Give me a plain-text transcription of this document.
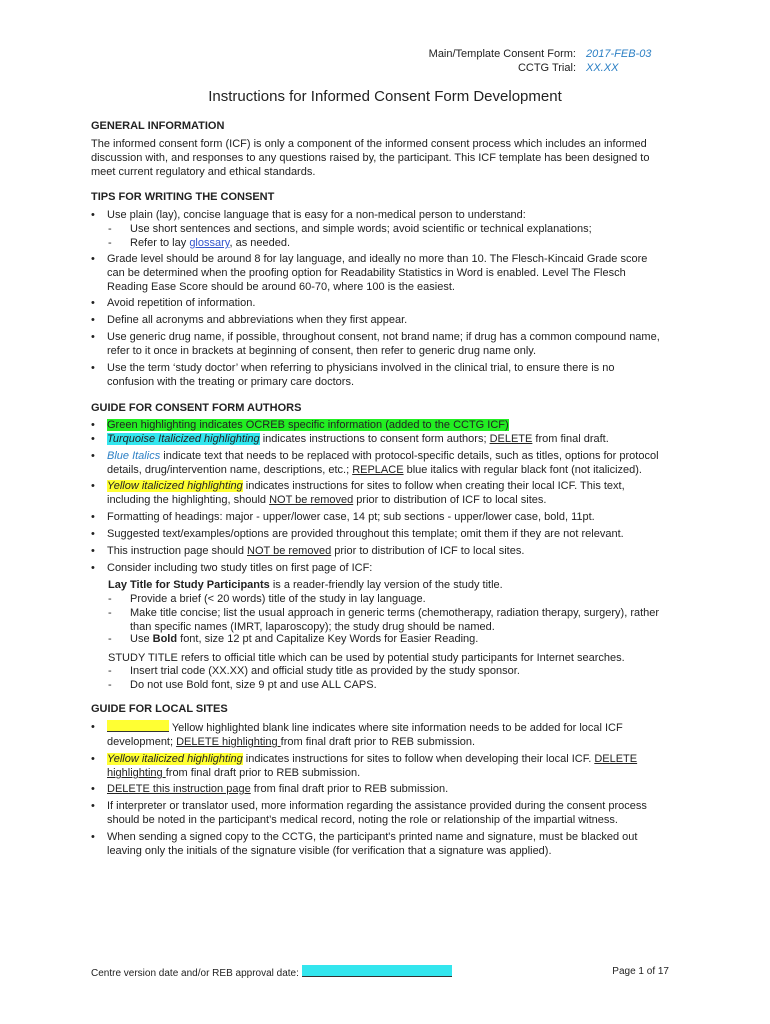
Main/Template Consent Form: 2017-FEB-03
CCTG Trial: XX.XX
Instructions for Informed Consent Form Development
GENERAL INFORMATION
The informed consent form (ICF) is only a component of the informed consent process which includes an informed
discussion with, and responses to any questions raised by, the participant. This ICF template has been designed to
meet current regulatory and ethical standards.
TIPS FOR WRITING THE CONSENT
• Use plain (lay), concise language that is easy for a non-medical person to understand:
- Use short sentences and sections, and simple words; avoid scientific or technical explanations;
- Refer to lay glossary, as needed.
• Grade level should be around 8 for lay language, and ideally no more than 10. The Flesch-Kincaid Grade score
can be determined when the proofing option for Readability Statistics in Word is enabled. Level The Flesch
Reading Ease Score should be around 60-70, where 100 is the easiest.
• Avoid repetition of information.
• Define all acronyms and abbreviations when they first appear.
• Use generic drug name, if possible, throughout consent, not brand name; if drug has a common compound name,
refer to it once in brackets at beginning of consent, then refer to generic drug name only.
• Use the term ‘study doctor’ when referring to physicians involved in the clinical trial, to ensure there is no
confusion with the treating or primary care doctors.
GUIDE FOR CONSENT FORM AUTHORS
• Green highlighting indicates OCREB specific information (added to the CCTG ICF)
• Turquoise Italicized highlighting indicates instructions to consent form authors; DELETE from final draft.
• Blue Italics indicate text that needs to be replaced with protocol-specific details, such as titles, options for protocol
details, drug/intervention name, descriptions, etc.; REPLACE blue italics with regular black font (not italicized).
• Yellow italicized highlighting indicates instructions for sites to follow when creating their local ICF. This text,
including the highlighting, should NOT be removed prior to distribution of ICF to local sites.
• Formatting of headings: major - upper/lower case, 14 pt; sub sections - upper/lower case, bold, 11pt.
• Suggested text/examples/options are provided throughout this template; omit them if they are not relevant.
• This instruction page should NOT be removed prior to distribution of ICF to local sites.
• Consider including two study titles on first page of ICF:
Lay Title for Study Participants is a reader-friendly lay version of the study title.
- Provide a brief (< 20 words) title of the study in lay language.
- Make title concise; list the usual approach in generic terms (chemotherapy, radiation therapy, surgery), rather
than specific names (IMRT, laparoscopy); the study drug should be named.
- Use Bold font, size 12 pt and Capitalize Key Words for Easier Reading.
STUDY TITLE refers to official title which can be used by potential study participants for Internet searches.
- Insert trial code (XX.XX) and official study title as provided by the study sponsor.
- Do not use Bold font, size 9 pt and use ALL CAPS.
GUIDE FOR LOCAL SITES
•	Yellow highlighted blank line indicates where site information needs to be added for local ICF
development; DELETE highlighting from final draft prior to REB submission.
• Yellow italicized highlighting indicates instructions for sites to follow when developing their local ICF. DELETE
highlighting from final draft prior to REB submission.
• DELETE this instruction page from final draft prior to REB submission.
• If interpreter or translator used, more information regarding the assistance provided during the consent process
should be noted in the participant’s medical record, noting the role or relationship of the impartial witness.
• When sending a signed copy to the CCTG, the participant's printed name and signature, must be blacked out
leaving only the initials of the signature visible (for verification that a signature was applied).
Centre version date and/or REB approval date:	Page 1 of 17
